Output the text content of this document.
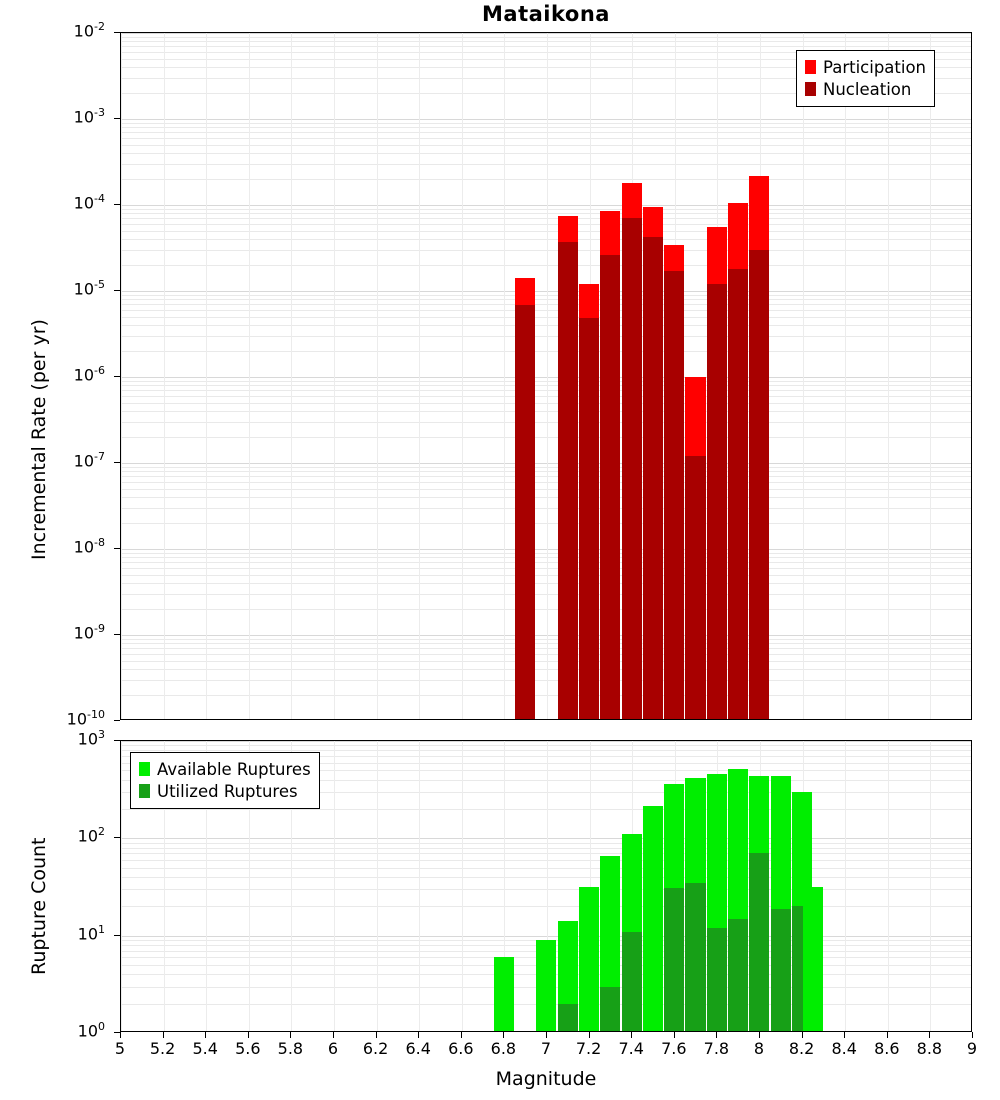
Mataikona
$10^{-10}$
$10^{-9}$
$10^{-8}$
$10^{-7}$
$10^{-6}$
$10^{-5}$
$10^{-4}$
$10^{-3}$
$10^{-2}$
$10^0$
$10^1$
$10^2$
$10^3$
5	5.2	5.4	5.6	5.8	6	6.2	6.4	6.6	6.8	7	7.2	7.4	7.6	7.8	8	8.2	8.4	8.6	8.8	9
Incremental Rate (per yr)
Rupture Count
Magnitude
Participation
Nucleation
Available Ruptures
Utilized Ruptures
